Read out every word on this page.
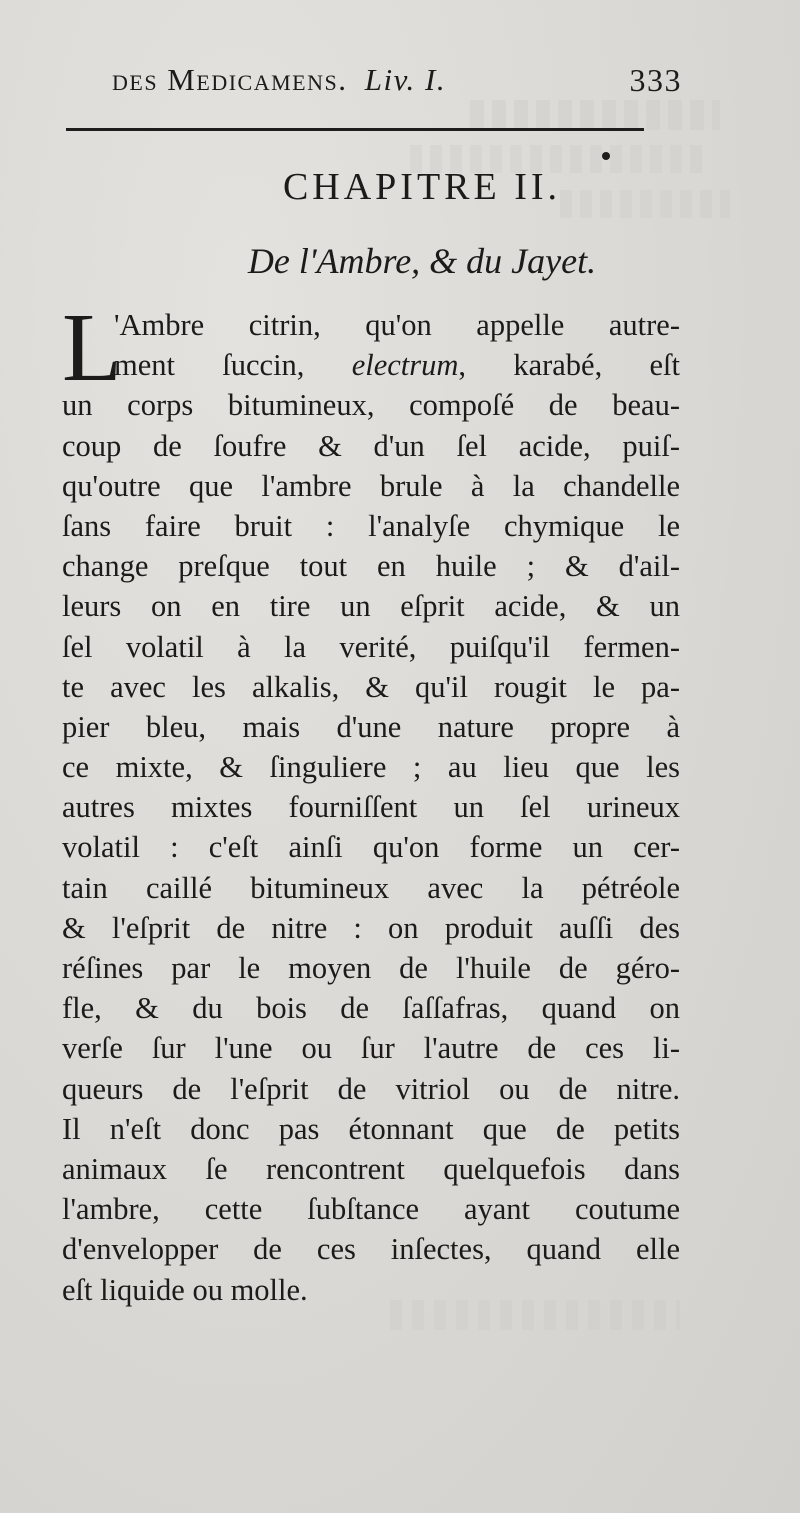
des Medicamens. Liv. I.	333
CHAPITRE II.
De l'Ambre, & du Jayet.
L
'Ambre citrin, qu'on appelle autre-
ment ſuccin, electrum, karabé, eſt
un corps bitumineux, compoſé de beau-
coup de ſoufre & d'un ſel acide, puiſ-
qu'outre que l'ambre brule à la chandelle
ſans faire bruit : l'analyſe chymique le
change preſque tout en huile ; & d'ail-
leurs on en tire un eſprit acide, & un
ſel volatil à la verité, puiſqu'il fermen-
te avec les alkalis, & qu'il rougit le pa-
pier bleu, mais d'une nature propre à
ce mixte, & ſinguliere ; au lieu que les
autres mixtes fourniſſent un ſel urineux
volatil : c'eſt ainſi qu'on forme un cer-
tain caillé bitumineux avec la pétréole
& l'eſprit de nitre : on produit auſſi des
réſines par le moyen de l'huile de géro-
fle, & du bois de ſaſſafras, quand on
verſe ſur l'une ou ſur l'autre de ces li-
queurs de l'eſprit de vitriol ou de nitre.
Il n'eſt donc pas étonnant que de petits
animaux ſe rencontrent quelquefois dans
l'ambre, cette ſubſtance ayant coutume
d'envelopper de ces inſectes, quand elle
eſt liquide ou molle.
